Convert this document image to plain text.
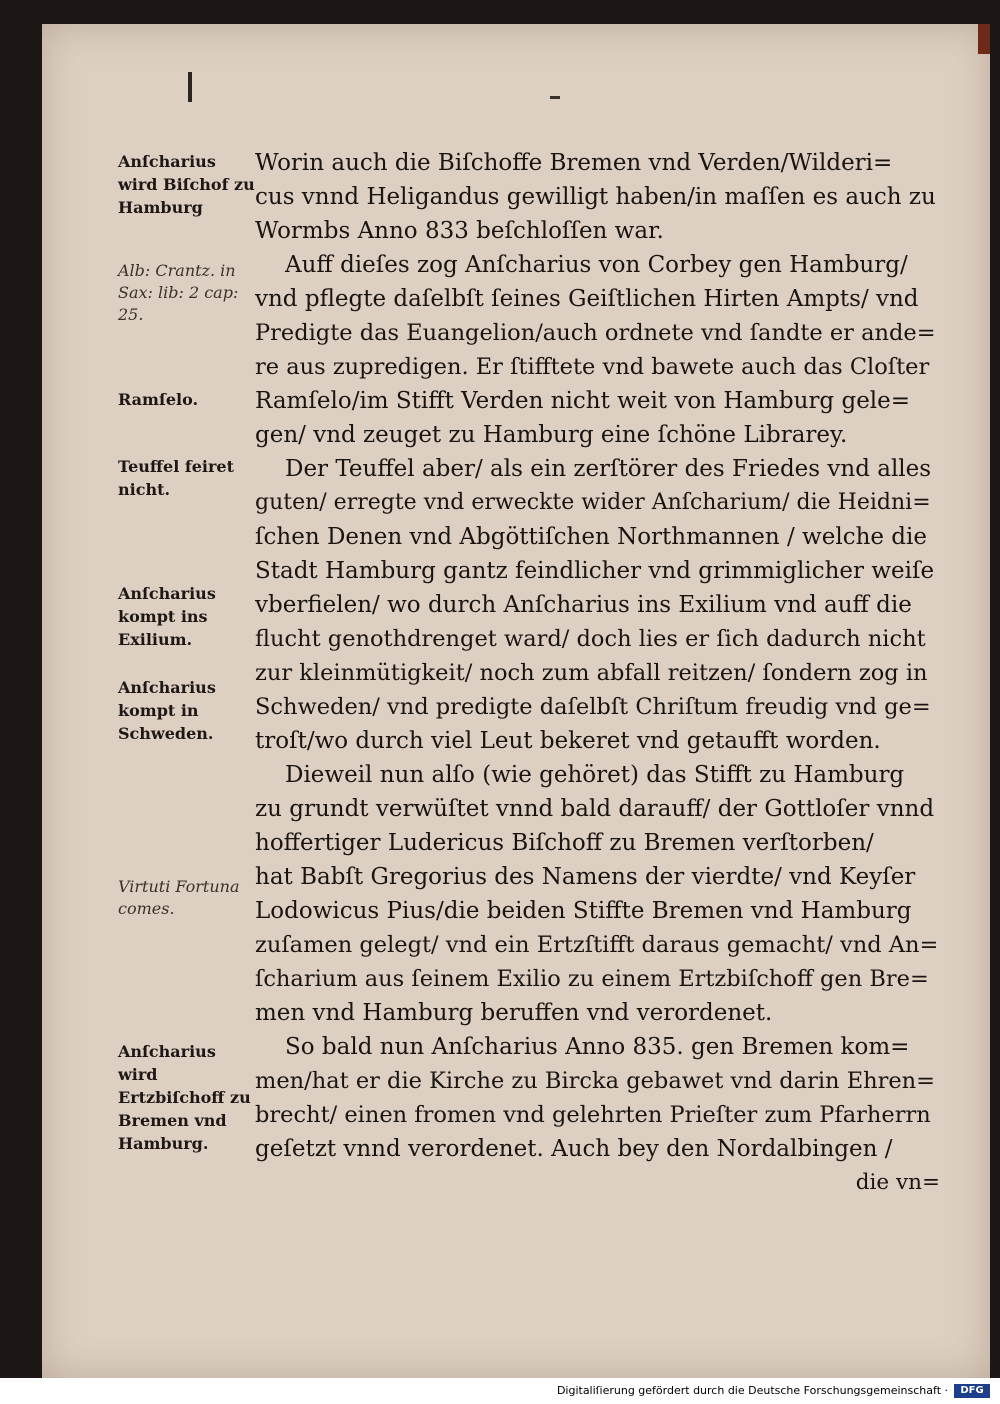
Anſcharius wird Biſchof zu Hamburg
Alb: Crantz. in Sax: lib: 2 cap: 25.
Ramſelo.
Teuffel feiret nicht.
Anſcharius kompt ins Exilium.
Anſcharius kompt in Schweden.
Virtuti Fortuna comes.
Anſcharius wird Ertzbiſchoff zu Bremen vnd Hamburg.
Worin auch die Biſchoffe Bremen vnd Verden/Wilderi=
cus vnnd Heligandus gewilligt haben/in maſſen es auch zu
Wormbs Anno 833 beſchloſſen war.
Auff dieſes zog Anſcharius von Corbey gen Hamburg/
vnd pflegte daſelbſt ſeines Geiſtlichen Hirten Ampts/ vnd
Predigte das Euangelion/auch ordnete vnd ſandte er ande=
re aus zupredigen. Er ſtifftete vnd bawete auch das Cloſter
Ramſelo/im Stifft Verden nicht weit von Hamburg gele=
gen/ vnd zeuget zu Hamburg eine ſchöne Librarey.
Der Teuffel aber/ als ein zerſtörer des Friedes vnd alles
guten/ erregte vnd erweckte wider Anſcharium/ die Heidni=
ſchen Denen vnd Abgöttiſchen Northmannen / welche die
Stadt Hamburg gantz feindlicher vnd grimmiglicher weiſe
vberfielen/ wo durch Anſcharius ins Exilium vnd auff die
flucht genothdrenget ward/ doch lies er ſich dadurch nicht
zur kleinmütigkeit/ noch zum abfall reitzen/ ſondern zog in
Schweden/ vnd predigte daſelbſt Chriſtum freudig vnd ge=
troſt/wo durch viel Leut bekeret vnd getaufft worden.
Dieweil nun alſo (wie gehöret) das Stifft zu Hamburg
zu grundt verwüſtet vnnd bald darauff/ der Gottloſer vnnd
hoffertiger Ludericus Biſchoff zu Bremen verſtorben/
hat Babſt Gregorius des Namens der vierdte/ vnd Keyſer
Lodowicus Pius/die beiden Stiffte Bremen vnd Hamburg
zuſamen gelegt/ vnd ein Ertzſtifft daraus gemacht/ vnd An=
ſcharium aus ſeinem Exilio zu einem Ertzbiſchoff gen Bre=
men vnd Hamburg beruffen vnd verordenet.
So bald nun Anſcharius Anno 835. gen Bremen kom=
men/hat er die Kirche zu Bircka gebawet vnd darin Ehren=
brecht/ einen fromen vnd gelehrten Prieſter zum Pfarherrn
geſetzt vnnd verordenet. Auch bey den Nordalbingen /
die vn=
Digitaliſierung gefördert durch die Deutsche Forschungsgemeinschaft ·	DFG
